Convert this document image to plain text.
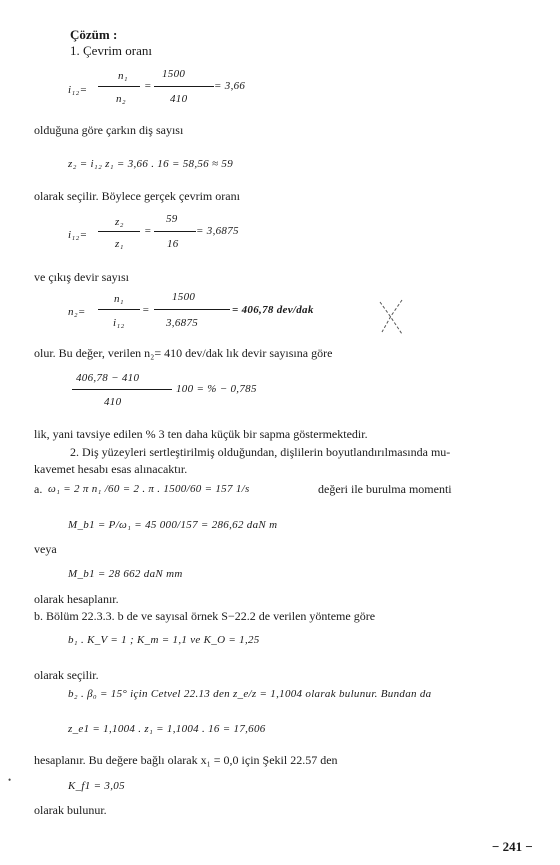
Çözüm :
1. Çevrim oranı
i₁₂=
n₁
n₂
=
1500
410
= 3,66
olduğuna göre çarkın diş sayısı
z₂ = i₁₂ z₁ = 3,66 . 16 = 58,56 ≈ 59
olarak seçilir. Böylece gerçek çevrim oranı
i₁₂=
z₂
z₁
=
59
16
= 3,6875
ve çıkış devir sayısı
n₂=
n₁
i₁₂
=
1500
3,6875
= 406,78 dev/dak
olur. Bu değer, verilen n₂= 410 dev/dak lık devir sayısına göre
406,78 − 410
410
100 = % − 0,785
lik, yani tavsiye edilen % 3 ten daha küçük bir sapma göstermektedir.
2. Diş yüzeyleri sertleştirilmiş olduğundan, dişlilerin boyutlandırılmasında mu-
kavemet hesabı esas alınacaktır.
a. ω₁ = 2 π n₁ /60 = 2 . π . 1500/60 = 157 1/s	değeri ile burulma momenti
M_b1 = P/ω₁ = 45 000/157 = 286,62 daN m
veya
M_b1 = 28 662 daN mm
olarak hesaplanır.
b. Bölüm 22.3.3. b de ve sayısal örnek S−22.2 de verilen yönteme göre
b₁ . K_V = 1 ; K_m = 1,1 ve K_O = 1,25
olarak seçilir.
b₂ . β₀ = 15° için Cetvel 22.13 den z_e/z = 1,1004 olarak bulunur. Bundan da
z_e1 = 1,1004 . z₁ = 1,1004 . 16 = 17,606
hesaplanır. Bu değere bağlı olarak x₁ = 0,0 için Şekil 22.57 den
K_f1 = 3,05
olarak bulunur.
− 241 −
•
